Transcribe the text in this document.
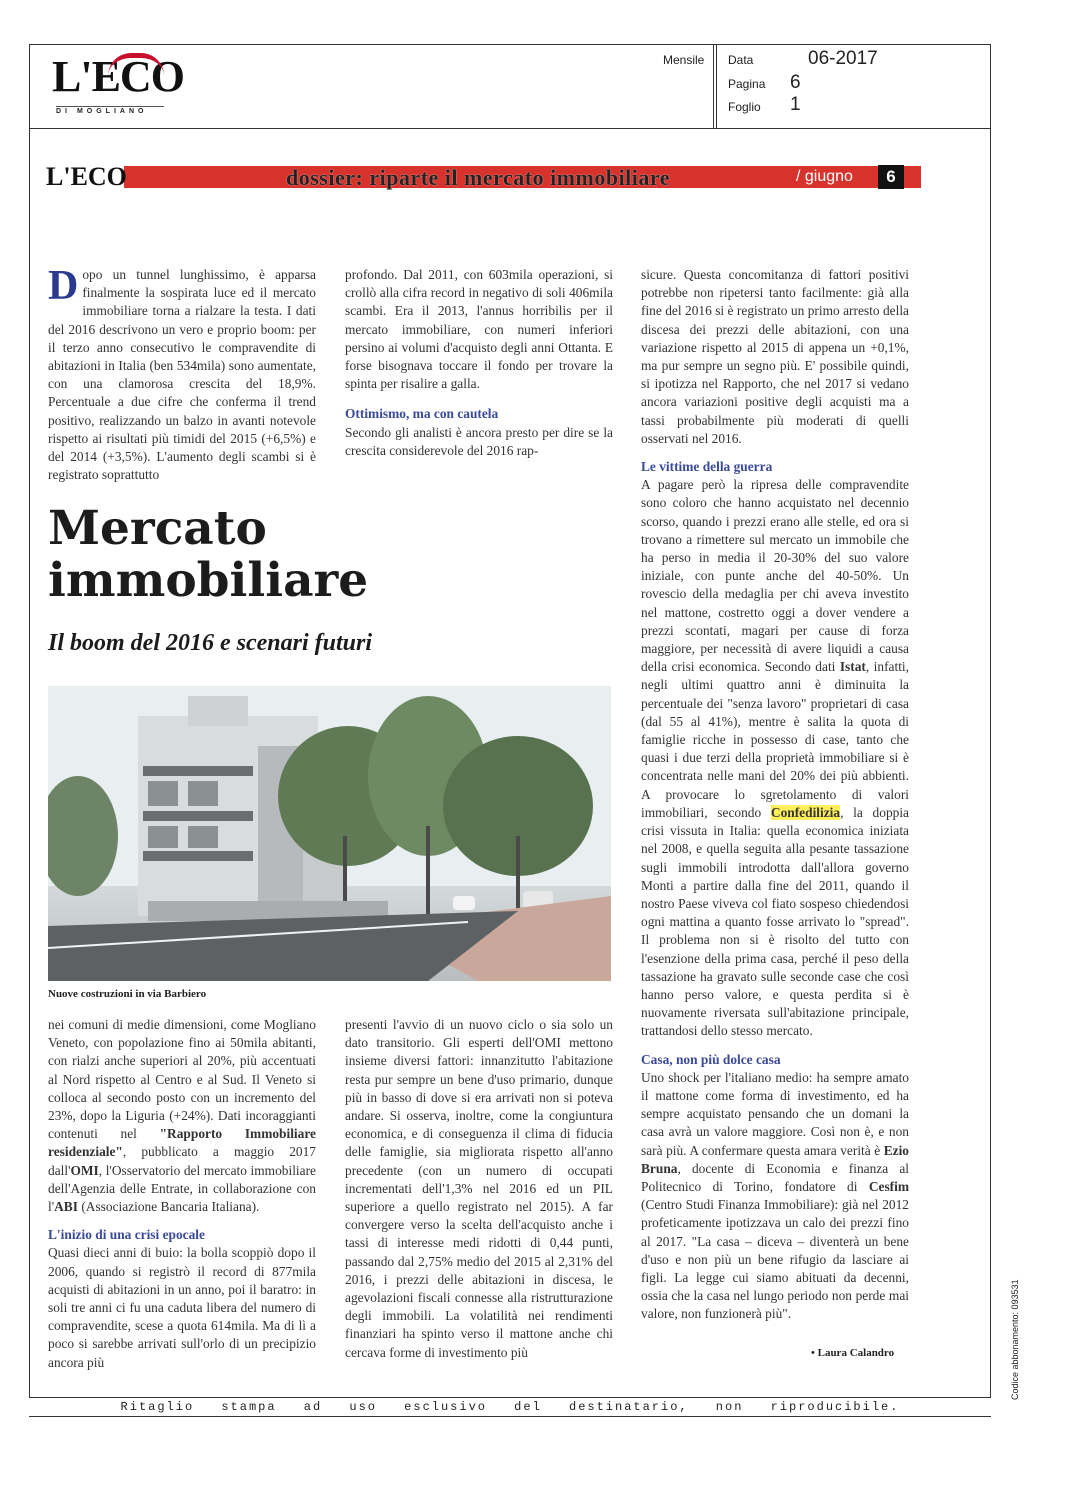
L'ECO
DI MOGLIANO
Mensile Data	06-2017
Pagina 6
Foglio 1
L'ECO	dossier: riparte il mercato immobiliare	/ giugno	6

Dopo un tunnel lunghissimo, è apparsa finalmente la sospirata luce ed il mercato immobiliare torna a rialzare la testa. I dati del 2016 descrivono un vero e proprio boom: per il terzo anno consecutivo le compravendite di abitazioni in Italia (ben 534mila) sono aumentate, con una clamorosa crescita del 18,9%. Percentuale a due cifre che conferma il trend positivo, realizzando un balzo in avanti notevole rispetto ai risultati più timidi del 2015 (+6,5%) e del 2014 (+3,5%). L'aumento degli scambi si è registrato soprattutto

profondo. Dal 2011, con 603mila operazioni, si crollò alla cifra record in negativo di soli 406mila scambi. Era il 2013, l'annus horribilis per il mercato immobiliare, con numeri inferiori persino ai volumi d'acquisto degli anni Ottanta. E forse bisognava toccare il fondo per trovare la spinta per risalire a galla.

Ottimismo, ma con cautela

Secondo gli analisti è ancora presto per dire se la crescita considerevole del 2016 rap-

sicure. Questa concomitanza di fattori positivi potrebbe non ripetersi tanto facilmente: già alla fine del 2016 si è registrato un primo arresto della discesa dei prezzi delle abitazioni, con una variazione rispetto al 2015 di appena un +0,1%, ma pur sempre un segno più. E' possibile quindi, si ipotizza nel Rapporto, che nel 2017 si vedano ancora variazioni positive degli acquisti ma a tassi probabilmente più moderati di quelli osservati nel 2016.

Le vittime della guerra

A pagare però la ripresa delle compravendite sono coloro che hanno acquistato nel decennio scorso, quando i prezzi erano alle stelle, ed ora si trovano a rimettere sul mercato un immobile che ha perso in media il 20-30% del suo valore iniziale, con punte anche del 40-50%. Un rovescio della medaglia per chi aveva investito nel mattone, costretto oggi a dover vendere a prezzi scontati, magari per cause di forza maggiore, per necessità di avere liquidi a causa della crisi economica. Secondo dati Istat, infatti, negli ultimi quattro anni è diminuita la percentuale dei "senza lavoro" proprietari di casa (dal 55 al 41%), mentre è salita la quota di famiglie ricche in possesso di case, tanto che quasi i due terzi della proprietà immobiliare si è concentrata nelle mani del 20% dei più abbienti. A provocare lo sgretolamento di valori immobiliari, secondo Confedilizia, la doppia crisi vissuta in Italia: quella economica iniziata nel 2008, e quella seguita alla pesante tassazione sugli immobili introdotta dall'allora governo Monti a partire dalla fine del 2011, quando il nostro Paese viveva col fiato sospeso chiedendosi ogni mattina a quanto fosse arrivato lo "spread". Il problema non si è risolto del tutto con l'esenzione della prima casa, perché il peso della tassazione ha gravato sulle seconde case che così hanno perso valore, e questa perdita si è nuovamente riversata sull'abitazione principale, trattandosi dello stesso mercato.

Casa, non più dolce casa

Uno shock per l'italiano medio: ha sempre amato il mattone come forma di investimento, ed ha sempre acquistato pensando che un domani la casa avrà un valore maggiore. Così non è, e non sarà più. A confermare questa amara verità è Ezio Bruna, docente di Economia e finanza al Politecnico di Torino, fondatore di Cesfim (Centro Studi Finanza Immobiliare): già nel 2012 profeticamente ipotizzava un calo dei prezzi fino al 2017. "La casa – diceva – diventerà un bene d'uso e non più un bene rifugio da lasciare ai figli. La legge cui siamo abituati da decenni, ossia che la casa nel lungo periodo non perde mai valore, non funzionerà più".

Mercato
immobiliare
Il boom del 2016 e scenari futuri
Nuove costruzioni in via Barbiero

nei comuni di medie dimensioni, come Mogliano Veneto, con popolazione fino ai 50mila abitanti, con rialzi anche superiori al 20%, più accentuati al Nord rispetto al Centro e al Sud. Il Veneto si colloca al secondo posto con un incremento del 23%, dopo la Liguria (+24%). Dati incoraggianti contenuti nel "Rapporto Immobiliare residenziale", pubblicato a maggio 2017 dall'OMI, l'Osservatorio del mercato immobiliare dell'Agenzia delle Entrate, in collaborazione con l'ABI (Associazione Bancaria Italiana).

L'inizio di una crisi epocale

Quasi dieci anni di buio: la bolla scoppiò dopo il 2006, quando si registrò il record di 877mila acquisti di abitazioni in un anno, poi il baratro: in soli tre anni ci fu una caduta libera del numero di compravendite, scese a quota 614mila. Ma di lì a poco si sarebbe arrivati sull'orlo di un precipizio ancora più

presenti l'avvio di un nuovo ciclo o sia solo un dato transitorio. Gli esperti dell'OMI mettono insieme diversi fattori: innanzitutto l'abitazione resta pur sempre un bene d'uso primario, dunque più in basso di dove si era arrivati non si poteva andare. Si osserva, inoltre, come la congiuntura economica, e di conseguenza il clima di fiducia delle famiglie, sia migliorata rispetto all'anno precedente (con un numero di occupati incrementati dell'1,3% nel 2016 ed un PIL superiore a quello registrato nel 2015). A far convergere verso la scelta dell'acquisto anche i tassi di interesse medi ridotti di 0,44 punti, passando dal 2,75% medio del 2015 al 2,31% del 2016, i prezzi delle abitazioni in discesa, le agevolazioni fiscali connesse alla ristrutturazione degli immobili. La volatilità nei rendimenti finanziari ha spinto verso il mattone anche chi cercava forme di investimento più	• Laura Calandro
Ritaglio stampa ad uso esclusivo del destinatario, non riproducibile.
Codice abbonamento: 093531
